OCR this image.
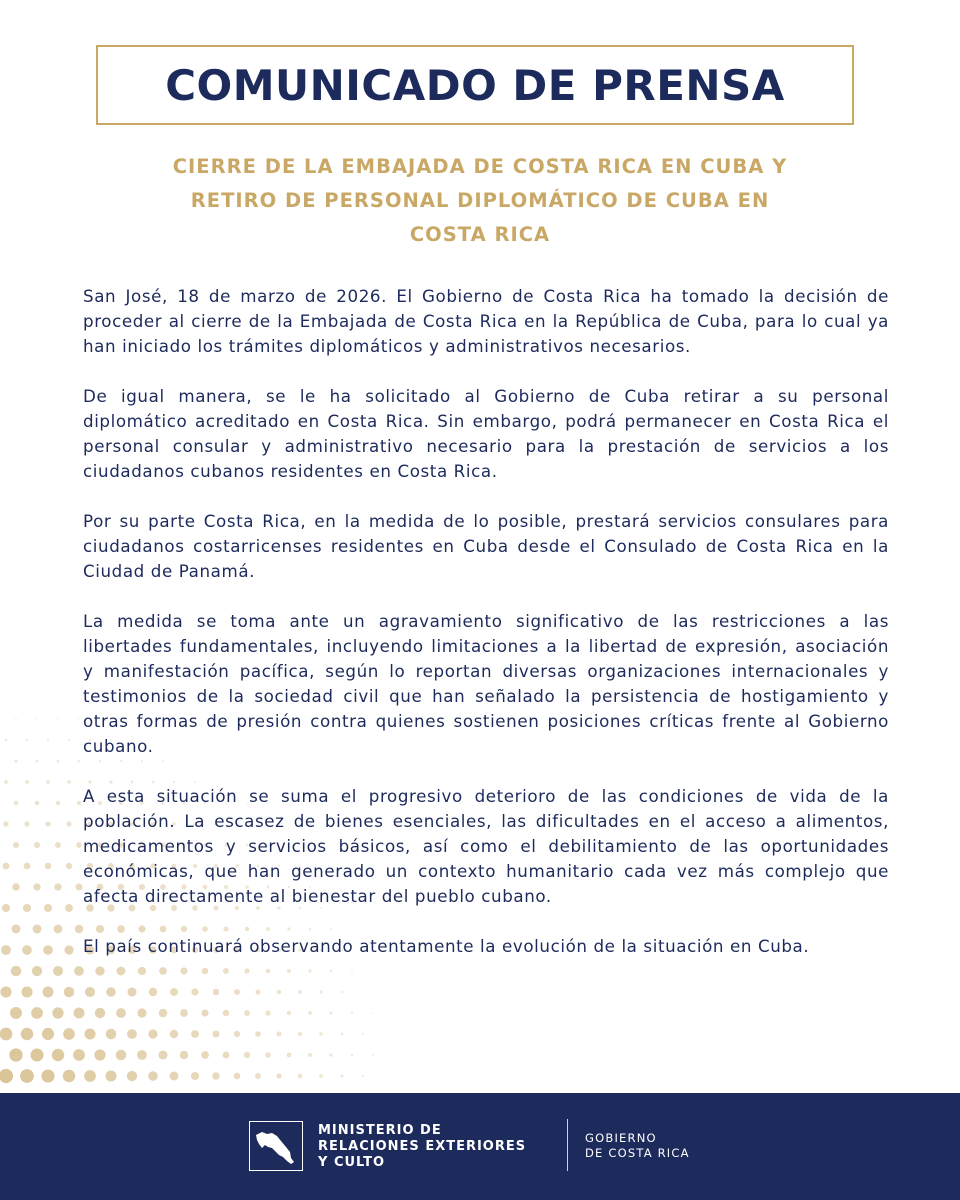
COMUNICADO DE PRENSA
CIERRE DE LA EMBAJADA DE COSTA RICA EN CUBA Y
RETIRO DE PERSONAL DIPLOMÁTICO DE CUBA EN
COSTA RICA

San José, 18 de marzo de 2026. El Gobierno de Costa Rica ha tomado la decisión de proceder al cierre de la Embajada de Costa Rica en la República de Cuba, para lo cual ya han iniciado los trámites diplomáticos y administrativos necesarios.

De igual manera, se le ha solicitado al Gobierno de Cuba retirar a su personal diplomático acreditado en Costa Rica. Sin embargo, podrá permanecer en Costa Rica el personal consular y administrativo necesario para la prestación de servicios a los ciudadanos cubanos residentes en Costa Rica.

Por su parte Costa Rica, en la medida de lo posible, prestará servicios consulares para ciudadanos costarricenses residentes en Cuba desde el Consulado de Costa Rica en la Ciudad de Panamá.

La medida se toma ante un agravamiento significativo de las restricciones a las libertades fundamentales, incluyendo limitaciones a la libertad de expresión, asociación y manifestación pacífica, según lo reportan diversas organizaciones internacionales y testimonios de la sociedad civil que han señalado la persistencia de hostigamiento y otras formas de presión contra quienes sostienen posiciones críticas frente al Gobierno cubano.

A esta situación se suma el progresivo deterioro de las condiciones de vida de la población. La escasez de bienes esenciales, las dificultades en el acceso a alimentos, medicamentos y servicios básicos, así como el debilitamiento de las oportunidades económicas, que han generado un contexto humanitario cada vez más complejo que afecta directamente al bienestar del pueblo cubano.

El país continuará observando atentamente la evolución de la situación en Cuba.

MINISTERIO DE
RELACIONES EXTERIORES
Y CULTO
GOBIERNO
DE COSTA RICA
